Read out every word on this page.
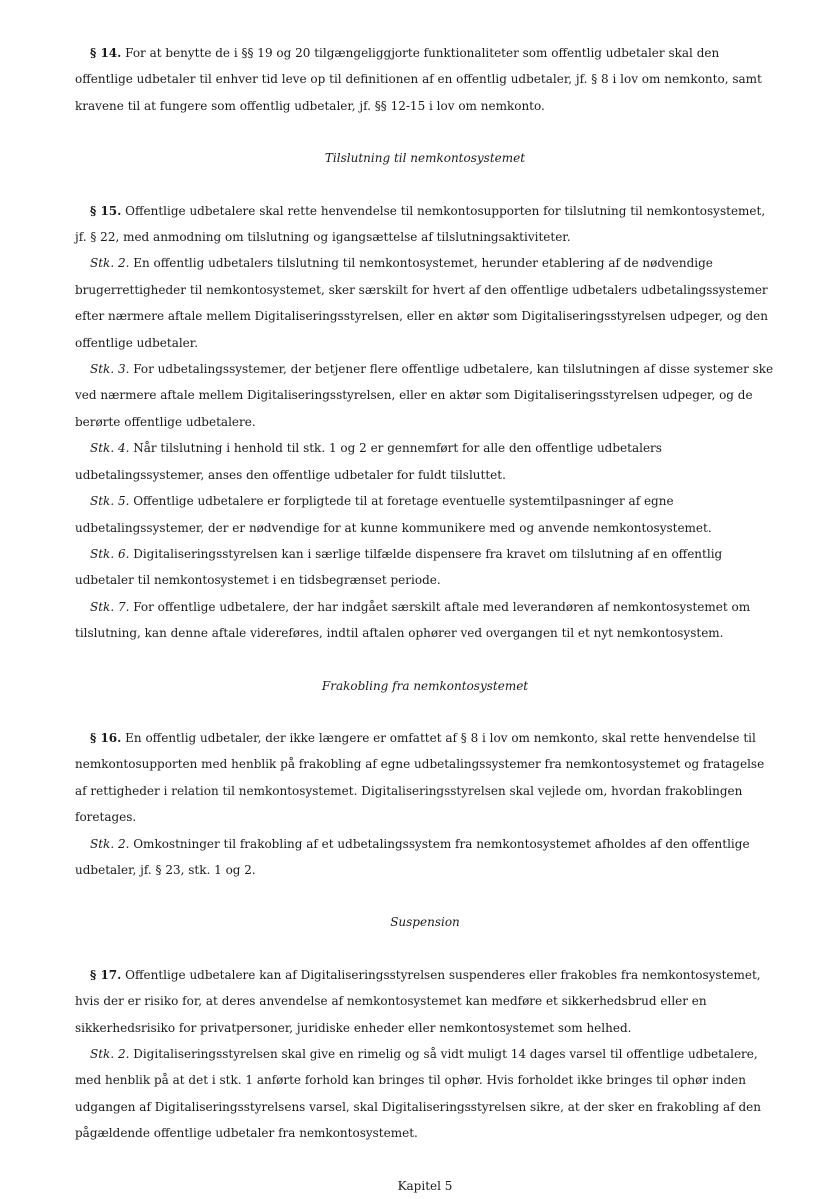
§ 14. For at benytte de i §§ 19 og 20 tilgængeliggjorte funktionaliteter som offentlig udbetaler skal den offentlige udbetaler til enhver tid leve op til definitionen af en offentlig udbetaler, jf. § 8 i lov om nemkonto, samt kravene til at fungere som offentlig udbetaler, jf. §§ 12-15 i lov om nemkonto.

Tilslutning til nemkontosystemet

§ 15. Offentlige udbetalere skal rette henvendelse til nemkontosupporten for tilslutning til nemkontosystemet, jf. § 22, med anmodning om tilslutning og igangsættelse af tilslutningsaktiviteter.

Stk. 2. En offentlig udbetalers tilslutning til nemkontosystemet, herunder etablering af de nødvendige brugerrettigheder til nemkontosystemet, sker særskilt for hvert af den offentlige udbetalers udbetalingssystemer efter nærmere aftale mellem Digitaliseringsstyrelsen, eller en aktør som Digitaliseringsstyrelsen udpeger, og den offentlige udbetaler.

Stk. 3. For udbetalingssystemer, der betjener flere offentlige udbetalere, kan tilslutningen af disse systemer ske ved nærmere aftale mellem Digitaliseringsstyrelsen, eller en aktør som Digitaliseringsstyrelsen udpeger, og de berørte offentlige udbetalere.

Stk. 4. Når tilslutning i henhold til stk. 1 og 2 er gennemført for alle den offentlige udbetalers udbetalingssystemer, anses den offentlige udbetaler for fuldt tilsluttet.

Stk. 5. Offentlige udbetalere er forpligtede til at foretage eventuelle systemtilpasninger af egne udbetalingssystemer, der er nødvendige for at kunne kommunikere med og anvende nemkontosystemet.

Stk. 6. Digitaliseringsstyrelsen kan i særlige tilfælde dispensere fra kravet om tilslutning af en offentlig udbetaler til nemkontosystemet i en tidsbegrænset periode.

Stk. 7. For offentlige udbetalere, der har indgået særskilt aftale med leverandøren af nemkontosystemet om tilslutning, kan denne aftale videreføres, indtil aftalen ophører ved overgangen til et nyt nemkontosystem.

Frakobling fra nemkontosystemet

§ 16. En offentlig udbetaler, der ikke længere er omfattet af § 8 i lov om nemkonto, skal rette henvendelse til nemkontosupporten med henblik på frakobling af egne udbetalingssystemer fra nemkontosystemet og fratagelse af rettigheder i relation til nemkontosystemet. Digitaliseringsstyrelsen skal vejlede om, hvordan frakoblingen foretages.

Stk. 2. Omkostninger til frakobling af et udbetalingssystem fra nemkontosystemet afholdes af den offentlige udbetaler, jf. § 23, stk. 1 og 2.

Suspension

§ 17. Offentlige udbetalere kan af Digitaliseringsstyrelsen suspenderes eller frakobles fra nemkontosystemet, hvis der er risiko for, at deres anvendelse af nemkontosystemet kan medføre et sikkerhedsbrud eller en sikkerhedsrisiko for privatpersoner, juridiske enheder eller nemkontosystemet som helhed.

Stk. 2. Digitaliseringsstyrelsen skal give en rimelig og så vidt muligt 14 dages varsel til offentlige udbetalere, med henblik på at det i stk. 1 anførte forhold kan bringes til ophør. Hvis forholdet ikke bringes til ophør inden udgangen af Digitaliseringsstyrelsens varsel, skal Digitaliseringsstyrelsen sikre, at der sker en frakobling af den pågældende offentlige udbetaler fra nemkontosystemet.

Kapitel 5
